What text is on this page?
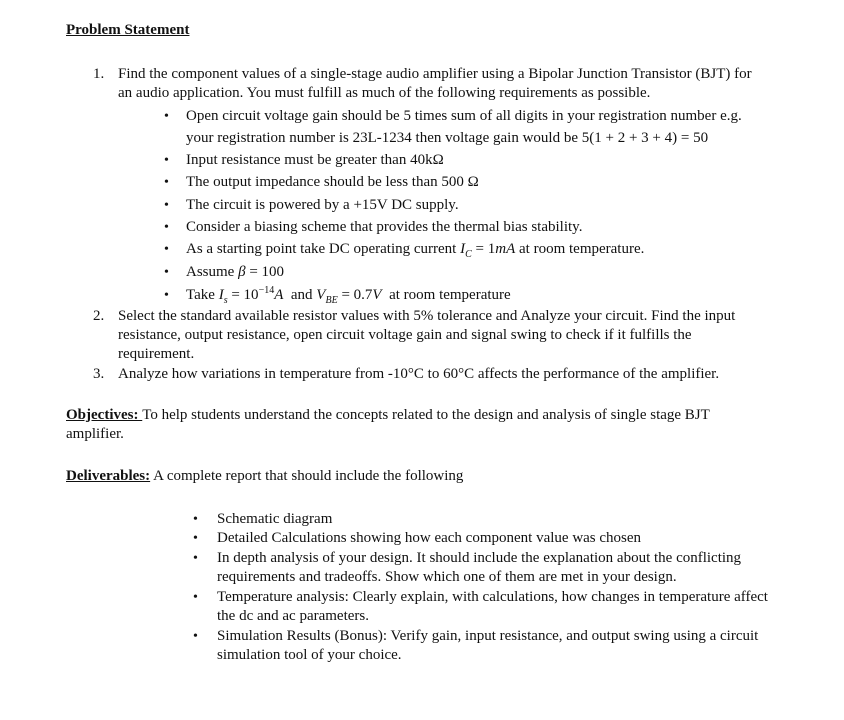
Problem Statement
1. Find the component values of a single-stage audio amplifier using a Bipolar Junction Transistor (BJT) for
an audio application. You must fulfill as much of the following requirements as possible.
• Open circuit voltage gain should be 5 times sum of all digits in your registration number e.g.
your registration number is 23L-1234 then voltage gain would be 5(1 + 2 + 3 + 4) = 50
• Input resistance must be greater than 40kΩ
• The output impedance should be less than 500 Ω
• The circuit is powered by a +15V DC supply.
• Consider a biasing scheme that provides the thermal bias stability.
• As a starting point take DC operating current $I_C = 1mA$ at room temperature.
• Assume β = 100
• Take $I_s = 10^{-14}A$  and $V_{BE} = 0.7V$  at room temperature
2. Select the standard available resistor values with 5% tolerance and Analyze your circuit. Find the input
resistance, output resistance, open circuit voltage gain and signal swing to check if it fulfills the
requirement.
3. Analyze how variations in temperature from -10°C to 60°C affects the performance of the amplifier.
Objectives: To help students understand the concepts related to the design and analysis of single stage BJT
amplifier.
Deliverables: A complete report that should include the following
• Schematic diagram
• Detailed Calculations showing how each component value was chosen
• In depth analysis of your design. It should include the explanation about the conflicting
requirements and tradeoffs. Show which one of them are met in your design.
• Temperature analysis: Clearly explain, with calculations, how changes in temperature affect
the dc and ac parameters.
• Simulation Results (Bonus): Verify gain, input resistance, and output swing using a circuit
simulation tool of your choice.
